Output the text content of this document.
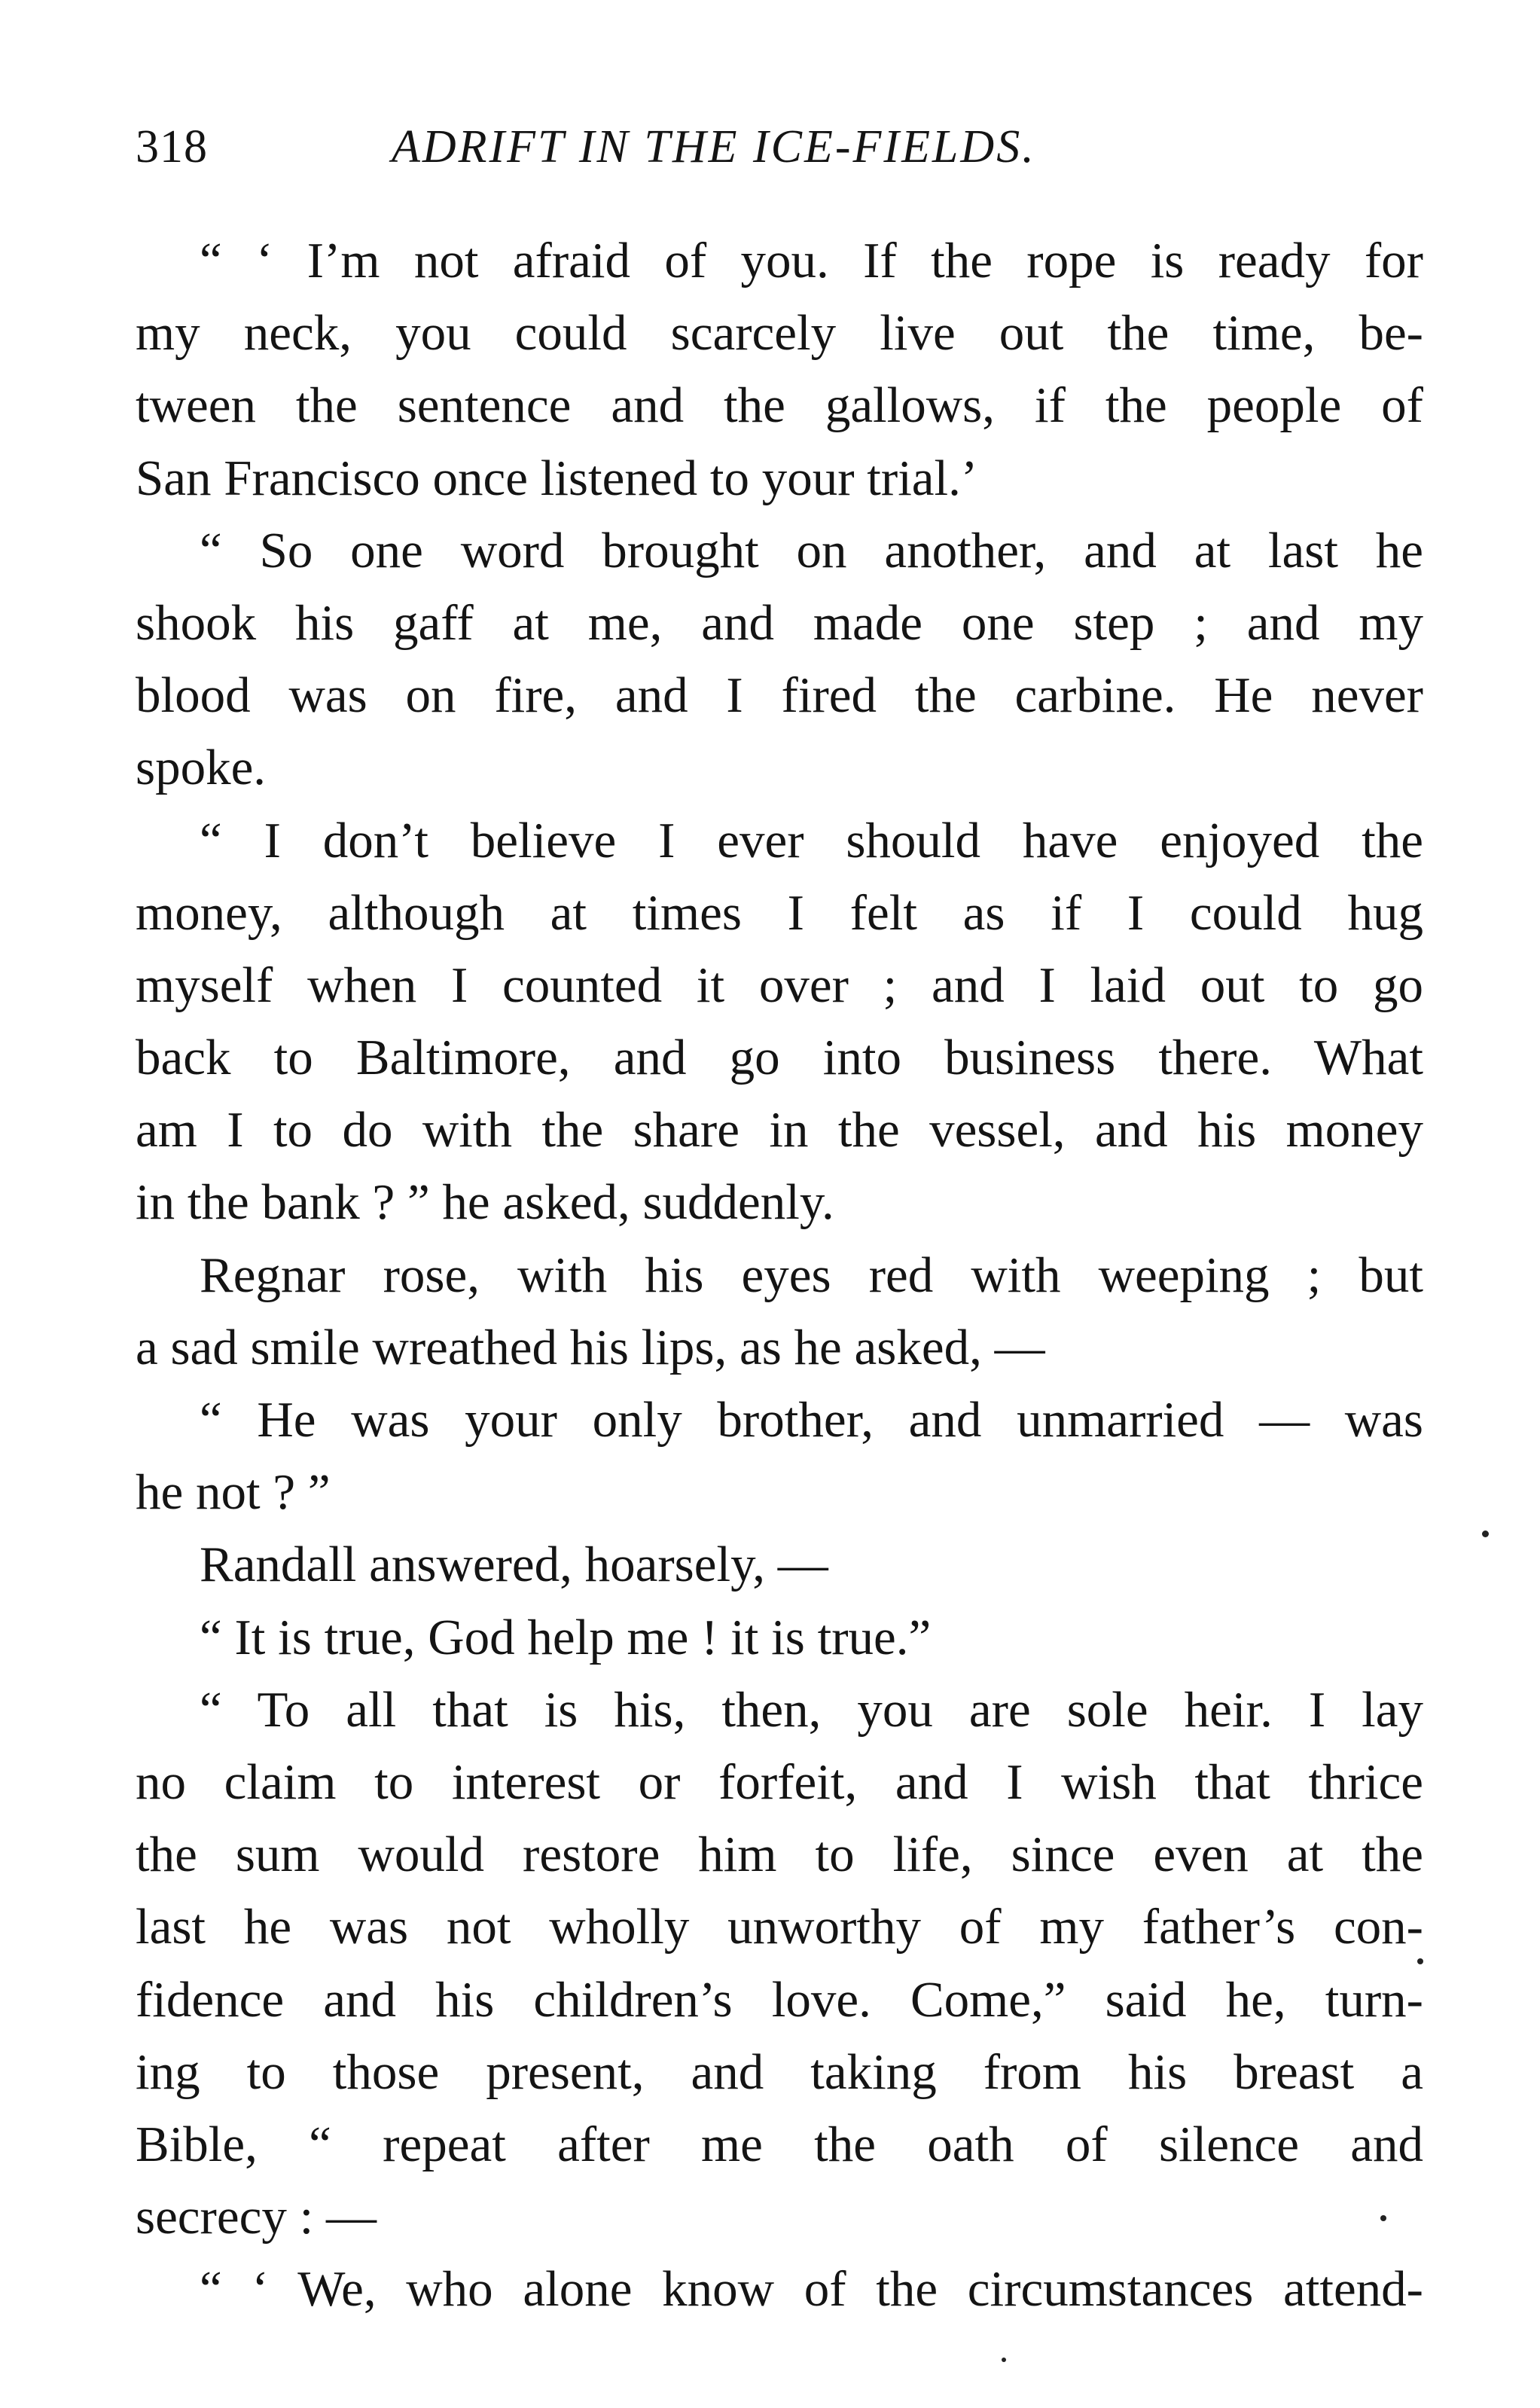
318	ADRIFT IN THE ICE-FIELDS.
“ ‘ I’m not afraid of you. If the rope is ready for
my neck, you could scarcely live out the time, be-
tween the sentence and the gallows, if the people of
San Francisco once listened to your trial.’
“ So one word brought on another, and at last he
shook his gaff at me, and made one step ; and my
blood was on fire, and I fired the carbine. He never
spoke.
“ I don’t believe I ever should have enjoyed the
money, although at times I felt as if I could hug
myself when I counted it over ; and I laid out to go
back to Baltimore, and go into business there. What
am I to do with the share in the vessel, and his money
in the bank ? ” he asked, suddenly.
Regnar rose, with his eyes red with weeping ; but
a sad smile wreathed his lips, as he asked, —
“ He was your only brother, and unmarried — was
he not ? ”
Randall answered, hoarsely, —
“ It is true, God help me ! it is true.”
“ To all that is his, then, you are sole heir. I lay
no claim to interest or forfeit, and I wish that thrice
the sum would restore him to life, since even at the
last he was not wholly unworthy of my father’s con-
fidence and his children’s love. Come,” said he, turn-
ing to those present, and taking from his breast a
Bible, “ repeat after me the oath of silence and
secrecy : —
“ ‘ We, who alone know of the circumstances attend-
